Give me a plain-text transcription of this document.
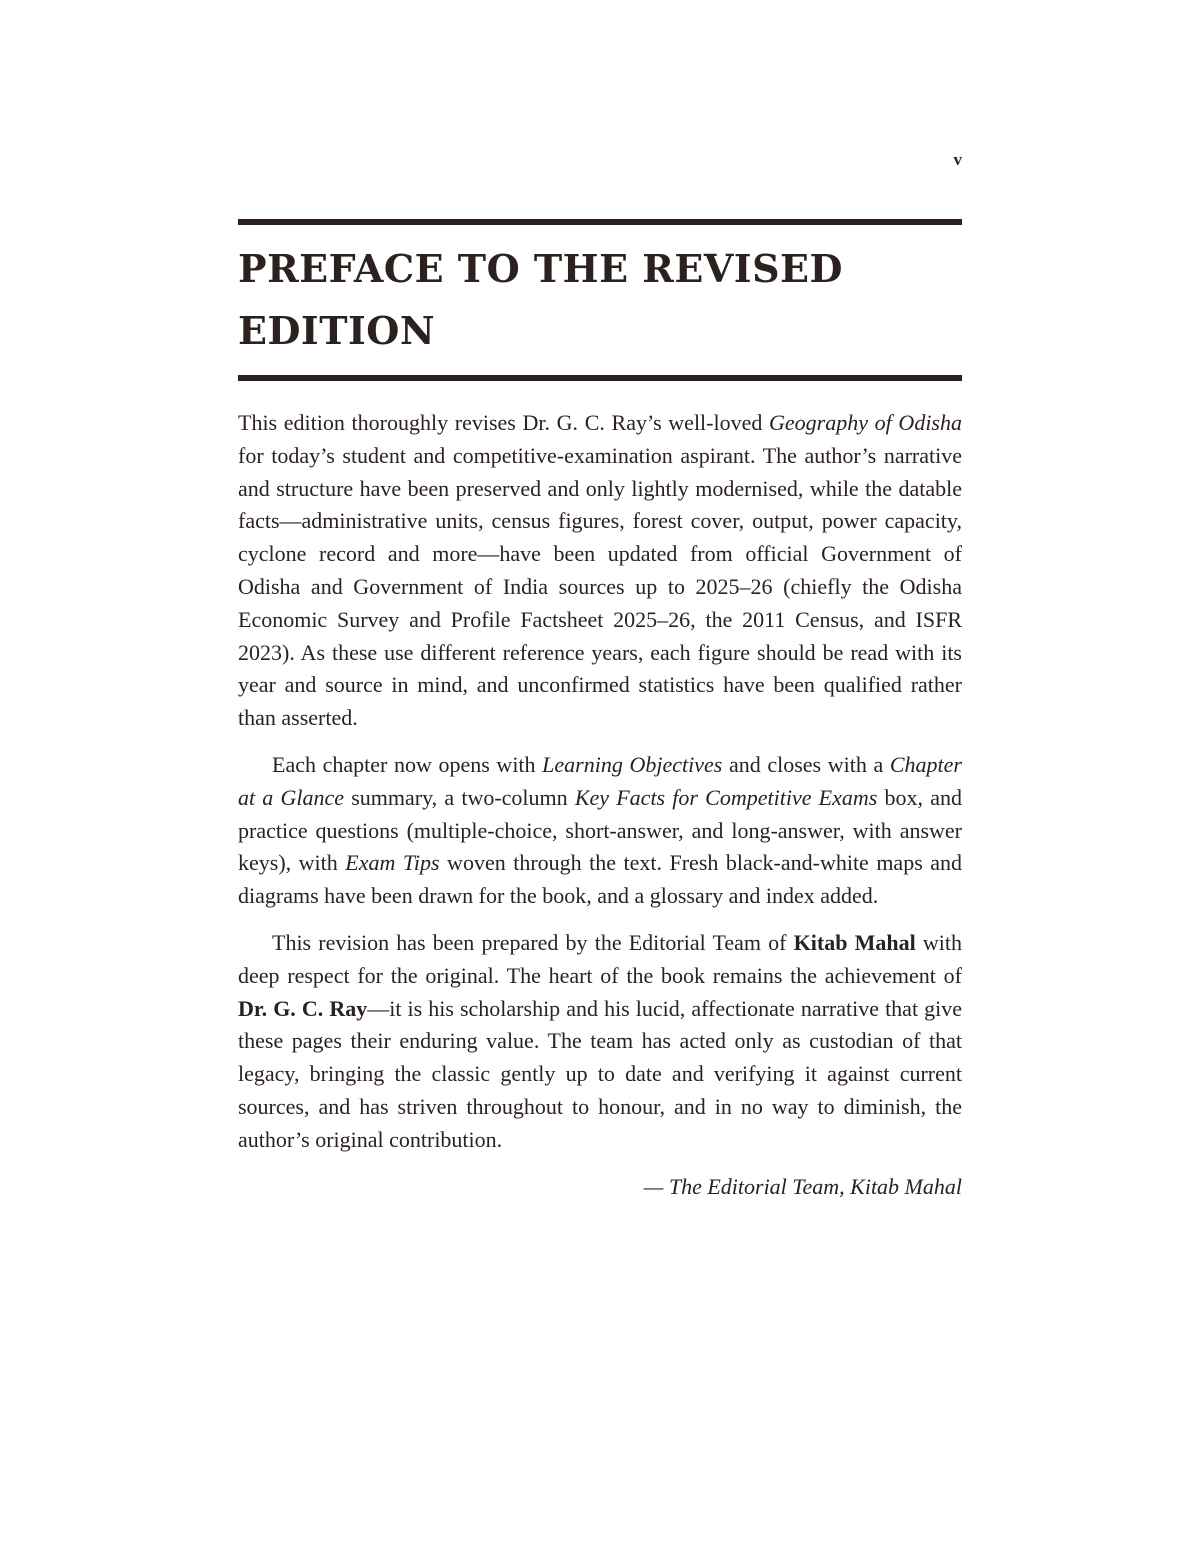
v
PREFACE TO THE REVISED EDITION

This edition thoroughly revises Dr. G. C. Ray’s well-loved Geography of Odisha for today’s student and competitive-examination aspirant. The author’s narrative and structure have been preserved and only lightly modernised, while the datable facts—administrative units, census figures, forest cover, output, power capacity, cyclone record and more—have been updated from official Government of Odisha and Government of India sources up to 2025–26 (chiefly the Odisha Economic Survey and Profile Factsheet 2025–26, the 2011 Census, and ISFR 2023). As these use different reference years, each figure should be read with its year and source in mind, and unconfirmed statistics have been qualified rather than asserted.

Each chapter now opens with Learning Objectives and closes with a Chapter at a Glance summary, a two-column Key Facts for Competitive Exams box, and practice questions (multiple-choice, short-answer, and long-answer, with answer keys), with Exam Tips woven through the text. Fresh black-and-white maps and diagrams have been drawn for the book, and a glossary and index added.

This revision has been prepared by the Editorial Team of Kitab Mahal with deep respect for the original. The heart of the book remains the achievement of Dr. G. C. Ray—it is his scholarship and his lucid, affectionate narrative that give these pages their enduring value. The team has acted only as custodian of that legacy, bringing the classic gently up to date and verifying it against current sources, and has striven throughout to honour, and in no way to diminish, the author’s original contribution.

— The Editorial Team, Kitab Mahal
